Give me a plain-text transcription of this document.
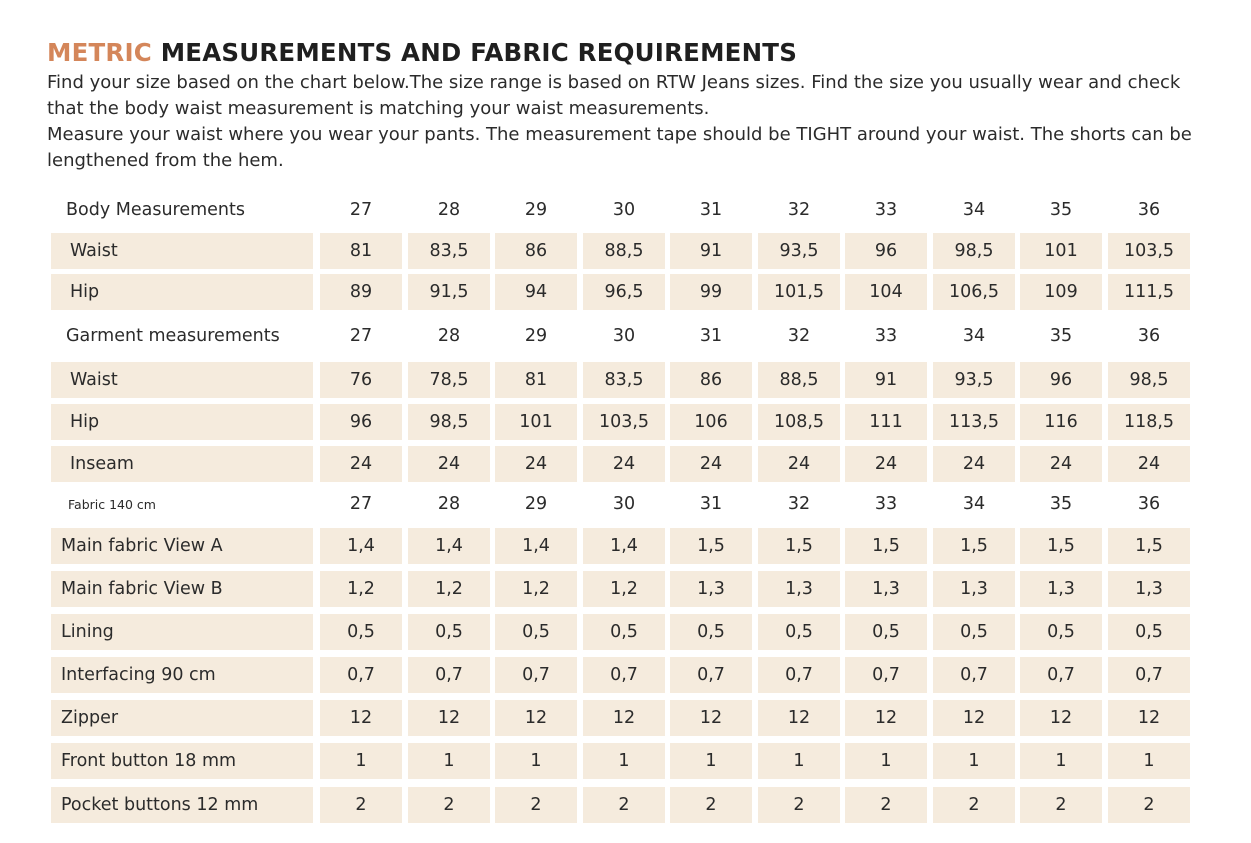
METRIC MEASUREMENTS AND FABRIC REQUIREMENTS

Find your size based on the chart below.The size range is based on RTW Jeans sizes. Find the size you usually wear and check that the body waist measurement is matching your waist measurements.

Measure your waist where you wear your pants. The measurement tape should be TIGHT around your waist. The shorts can be lengthened from the hem.

Body Measurements	27	28	29	30	31	32	33	34	35	36
Waist	81	83,5	86	88,5	91	93,5	96	98,5	101	103,5
Hip	89	91,5	94	96,5	99	101,5	104	106,5	109	111,5
Garment measurements	27	28	29	30	31	32	33	34	35	36
Waist	76	78,5	81	83,5	86	88,5	91	93,5	96	98,5
Hip	96	98,5	101	103,5	106	108,5	111	113,5	116	118,5
Inseam	24	24	24	24	24	24	24	24	24	24
Fabric 140 cm	27	28	29	30	31	32	33	34	35	36
Main fabric View A	1,4	1,4	1,4	1,4	1,5	1,5	1,5	1,5	1,5	1,5
Main fabric View B	1,2	1,2	1,2	1,2	1,3	1,3	1,3	1,3	1,3	1,3
Lining	0,5	0,5	0,5	0,5	0,5	0,5	0,5	0,5	0,5	0,5
Interfacing 90 cm	0,7	0,7	0,7	0,7	0,7	0,7	0,7	0,7	0,7	0,7
Zipper	12	12	12	12	12	12	12	12	12	12
Front button 18 mm	1	1	1	1	1	1	1	1	1	1
Pocket buttons 12 mm	2	2	2	2	2	2	2	2	2	2
